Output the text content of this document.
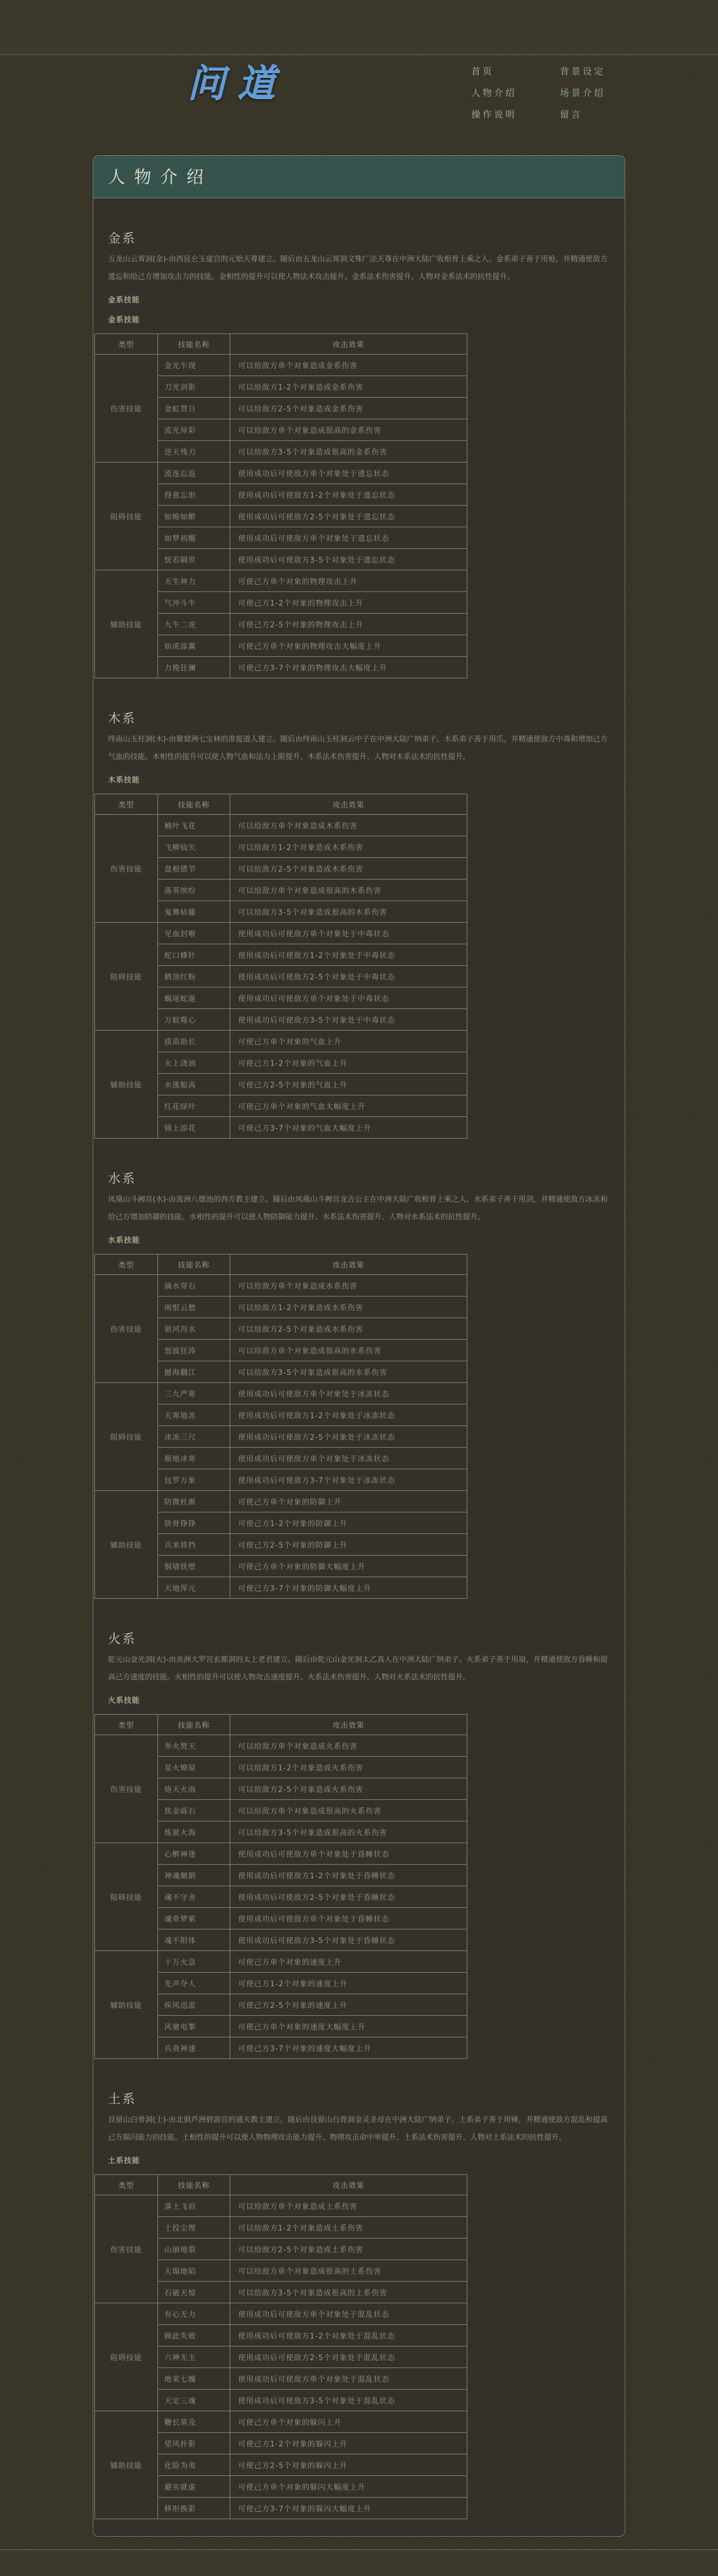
问道	首页
人物介绍
操作说明
背景设定
场景介绍
留言
人物介绍
金系

五龙山云霄洞(金)-由西昆仑玉虚宫的元始天尊建立。随后由五龙山云霄洞文殊广法天尊在中洲大陆广收根骨上乘之人。金系弟子善于用枪，并精通使敌方遗忘和给己方增加攻击力的技能。金相性的提升可以使人物法术攻击提升、金系法术伤害提升、人物对金系法术的抗性提升。

金系技能
金系技能
类型	技能名称	攻击效果
伤害技能	金光乍现	可以给敌方单个对象造成金系伤害
	刀光剑影	可以给敌方1-2个对象造成金系伤害
	金虹贯日	可以给敌方2-5个对象造成金系伤害
	流光异彩	可以给敌方单个对象造成很高的金系伤害
	逆天残刃	可以给敌方3-5个对象造成很高的金系伤害
阻碍技能	流连忘返	使用成功后可使敌方单个对象处于遗忘状态
	得意忘形	使用成功后可使敌方1-2个对象处于遗忘状态
	如痴如醉	使用成功后可使敌方2-5个对象处于遗忘状态
	如梦初醒	使用成功后可使敌方单个对象处于遗忘状态
	恍若隔世	使用成功后可使敌方3-5个对象处于遗忘状态
辅助技能	天生神力	可使己方单个对象的物理攻击上升
	气冲斗牛	可使己方1-2个对象的物理攻击上升
	九牛二虎	可使己方2-5个对象的物理攻击上升
	如虎添翼	可使己方单个对象的物理攻击大幅度上升
	力挽狂澜	可使己方3-7个对象的物理攻击大幅度上升
木系

终南山玉柱洞(木)-由聚窟洲七宝林的准提道人建立。随后由终南山玉柱洞云中子在中洲大陆广纳弟子。木系弟子善于用爪，并精通使敌方中毒和增加己方气血的技能。木相性的提升可以使人物气血和法力上限提升、木系法术伤害提升、人物对木系法术的抗性提升。

木系技能
类型	技能名称	攻击效果
伤害技能	楠叶飞花	可以给敌方单个对象造成木系伤害
	飞柳仙矢	可以给敌方1-2个对象造成木系伤害
	盘根错节	可以给敌方2-5个对象造成木系伤害
	落英缤纷	可以给敌方单个对象造成很高的木系伤害
	鬼舞枯藤	可以给敌方3-5个对象造成很高的木系伤害
阻碍技能	见血封喉	使用成功后可使敌方单个对象处于中毒状态
	蛇口蜂针	使用成功后可使敌方1-2个对象处于中毒状态
	鹤顶红粉	使用成功后可使敌方2-5个对象处于中毒状态
	蝎尾蛇涎	使用成功后可使敌方单个对象处于中毒状态
	万蚁噬心	使用成功后可使敌方3-5个对象处于中毒状态
辅助技能	拔苗助长	可使己方单个对象的气血上升
	火上浇油	可使己方1-2个对象的气血上升
	水涨船高	可使己方2-5个对象的气血上升
	红花绿叶	可使己方单个对象的气血大幅度上升
	锦上添花	可使己方3-7个对象的气血大幅度上升
水系

凤凰山斗阙宫(水)-由流洲八德池的西方教主建立。随后由凤凰山斗阙宫龙吉公主在中洲大陆广收根骨上乘之人。水系弟子善于用剑，并精通使敌方冰冻和给己方增加防御的技能。水相性的提升可以使人物防御能力提升、水系法术伤害提升、人物对水系法术的抗性提升。

水系技能
类型	技能名称	攻击效果
伤害技能	滴水穿石	可以给敌方单个对象造成水系伤害
	雨恨云愁	可以给敌方1-2个对象造成水系伤害
	银河泻水	可以给敌方2-5个对象造成水系伤害
	怒波狂涛	可以给敌方单个对象造成很高的水系伤害
	撼海翻江	可以给敌方3-5个对象造成很高的水系伤害
阻碍技能	三九严寒	使用成功后可使敌方单个对象处于冰冻状态
	天寒地冻	使用成功后可使敌方1-2个对象处于冰冻状态
	冰冻三尺	使用成功后可使敌方2-5个对象处于冰冻状态
	极地冰寒	使用成功后可使敌方单个对象处于冰冻状态
	包罗万象	使用成功后可使敌方3-7个对象处于冰冻状态
辅助技能	防微杜渐	可使己方单个对象的防御上升
	铁骨铮铮	可使己方1-2个对象的防御上升
	兵来将挡	可使己方2-5个对象的防御上升
	铜墙铁壁	可使己方单个对象的防御大幅度上升
	天地浑元	可使己方3-7个对象的防御大幅度上升
火系

乾元山金光洞(火)-由炎洲大罗宫玄都洞的太上老君建立。随后由乾元山金光洞太乙真人在中洲大陆广纳弟子。火系弟子善于用扇，并精通使敌方昏睡和提高己方速度的技能。火相性的提升可以使人物攻击速度提升、火系法术伤害提升、人物对火系法术的抗性提升。

火系技能
类型	技能名称	攻击效果
伤害技能	举火焚天	可以给敌方单个对象造成火系伤害
	星火燎原	可以给敌方1-2个对象造成火系伤害
	烙天火雨	可以给敌方2-5个对象造成火系伤害
	焦金砾石	可以给敌方单个对象造成很高的火系伤害
	炼狱火海	可以给敌方3-5个对象造成很高的火系伤害
阻碍技能	心醉神迷	使用成功后可使敌方单个对象处于昏睡状态
	神魂颠倒	使用成功后可使敌方1-2个对象处于昏睡状态
	魂不守舍	使用成功后可使敌方2-5个对象处于昏睡状态
	魂牵梦萦	使用成功后可使敌方单个对象处于昏睡状态
	魂不附体	使用成功后可使敌方3-5个对象处于昏睡状态
辅助技能	十万火急	可使己方单个对象的速度上升
	先声夺人	可使己方1-2个对象的速度上升
	疾风迅雷	可使己方2-5个对象的速度上升
	风驰电掣	可使己方单个对象的速度大幅度上升
	兵贵神速	可使己方3-7个对象的速度大幅度上升
土系

艮留山白骨洞(土)-由北俱芦洲碧游宫的通天教主建立。随后由艮留山白骨洞金灵圣母在中洲大陆广纳弟子。土系弟子善于用锤，并精通使敌方混乱和提高己方躲闪能力的技能。土相性的提升可以使人物物理攻击能力提升、物理攻击命中率提升、土系法术伤害提升、人物对土系法术的抗性提升。

土系技能
类型	技能名称	攻击效果
伤害技能	落土飞岩	可以给敌方单个对象造成土系伤害
	土投尘埋	可以给敌方1-2个对象造成土系伤害
	山崩地裂	可以给敌方2-5个对象造成土系伤害
	天塌地陷	可以给敌方单个对象造成很高的土系伤害
	石破天惊	可以给敌方3-5个对象造成很高的土系伤害
阻碍技能	有心无力	使用成功后可使敌方单个对象处于混乱状态
	顾此失彼	使用成功后可使敌方1-2个对象处于混乱状态
	六神无主	使用成功后可使敌方2-5个对象处于混乱状态
	地束七魄	使用成功后可使敌方单个对象处于混乱状态
	天定三魂	使用成功后可使敌方3-5个对象处于混乱状态
辅助技能	鞭长莫及	可使己方单个对象的躲闪上升
	望风扑影	可使己方1-2个对象的躲闪上升
	化险为夷	可使己方2-5个对象的躲闪上升
	避实就虚	可使己方单个对象的躲闪大幅度上升
	移形换影	可使己方3-7个对象的躲闪大幅度上升
